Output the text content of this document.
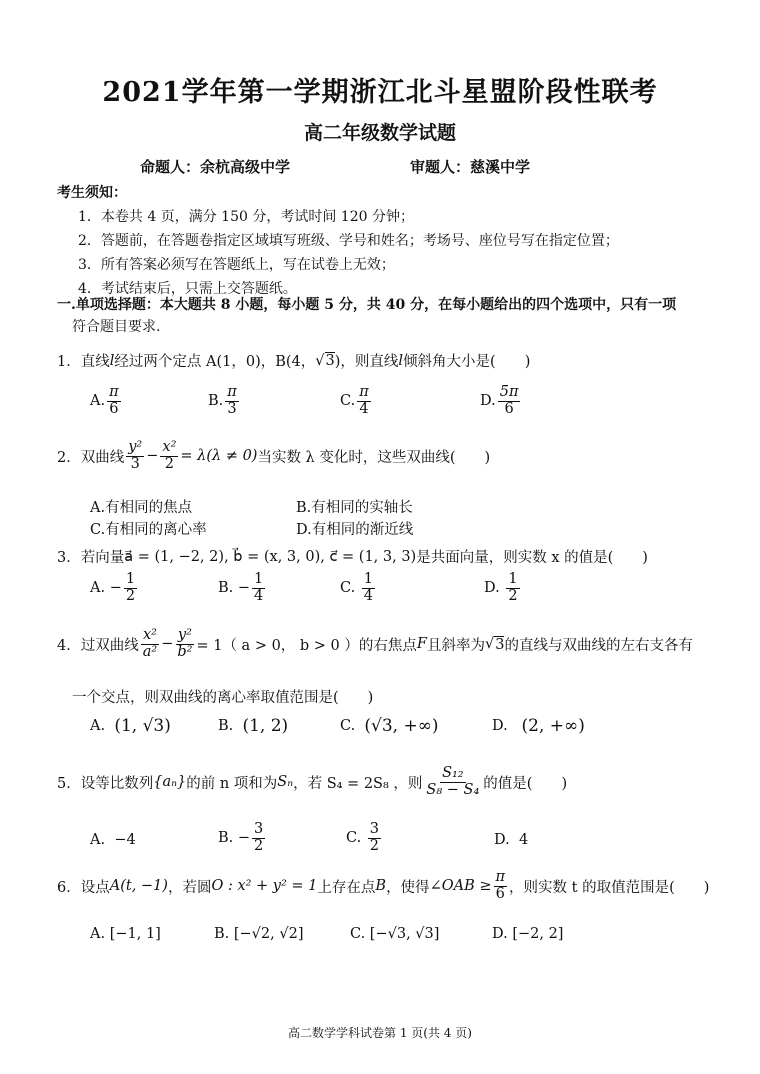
2021学年第一学期浙江北斗星盟阶段性联考
高二年级数学试题
命题人：余杭高级中学	审题人：慈溪中学
考生须知：
1．本卷共 4 页，满分 150 分，考试时间 120 分钟；
2．答题前，在答题卷指定区域填写班级、学号和姓名；考场号、座位号写在指定位置；
3．所有答案必须写在答题纸上，写在试卷上无效；
4．考试结束后，只需上交答题纸。
一.单项选择题：本大题共 8 小题，每小题 5 分，共 40 分，在每小题给出的四个选项中，只有一项
符合题目要求.
1．直线 l 经过两个定点 A(1，0)，B(4， √ 3 )，则直线 l 倾斜角大小是(　　)
A. $\frac{\pi}{6}$	B. $\frac{\pi}{3}$	C. $\frac{\pi}{4}$	D. $\frac{5\pi}{6}$
2．双曲线 $\frac{\text{y²}}{3} - \frac{\text{x²}}{2} = \lambda(\lambda \ne 0)$ 当实数 λ 变化时，这些双曲线(　　)
A.有相同的焦点	B.有相同的实轴长
C.有相同的离心率	D.有相同的渐近线
3．若向量 a⃗ = (1, −2, 2), b⃗ = (x, 3, 0), c⃗ = (1, 3, 3) 是共面向量，则实数 x 的值是(　　)
A.
− $\frac{1}{2}$	B.
− $\frac{1}{4}$	C.
$\frac{1}{4}$	D.
$\frac{1}{2}$
4．过双曲线 $\frac{\text{x²}}{\text{a²}} - \frac{\text{y²}}{\text{b²}} = 1$（ a > 0， b > 0 ）的右焦点 F 且斜率为 √ 3 的直线与双曲线的左右支各有
一个交点，则双曲线的离心率取值范围是(　　)
A.
(1, √3)	B.
(1, 2)	C.
(√3, +∞)	D.
(2, +∞)
5．设等比数列 {aₙ} 的前 n 项和为 Sₙ ，若 S₄ = 2S₈ ，则 $\frac{\text{S₁₂}}{\text{S₈ − S₄}}$ 的值是(　　)
A.
−4	B.
− $\frac{3}{2}$	C.
$\frac{3}{2}$	D.
4
6．设点 A(t, −1) ，若圆 O : x² + y² = 1 上存在点 B ，使得 ∠OAB ≥ $\frac{\pi}{6}$ ，则实数 t 的取值范围是(　　)
A.
[−1, 1]	B.
[−√2, √2]	C.
[−√3, √3]	D.
[−2, 2]
高二数学学科试卷第 1 页(共 4 页)
